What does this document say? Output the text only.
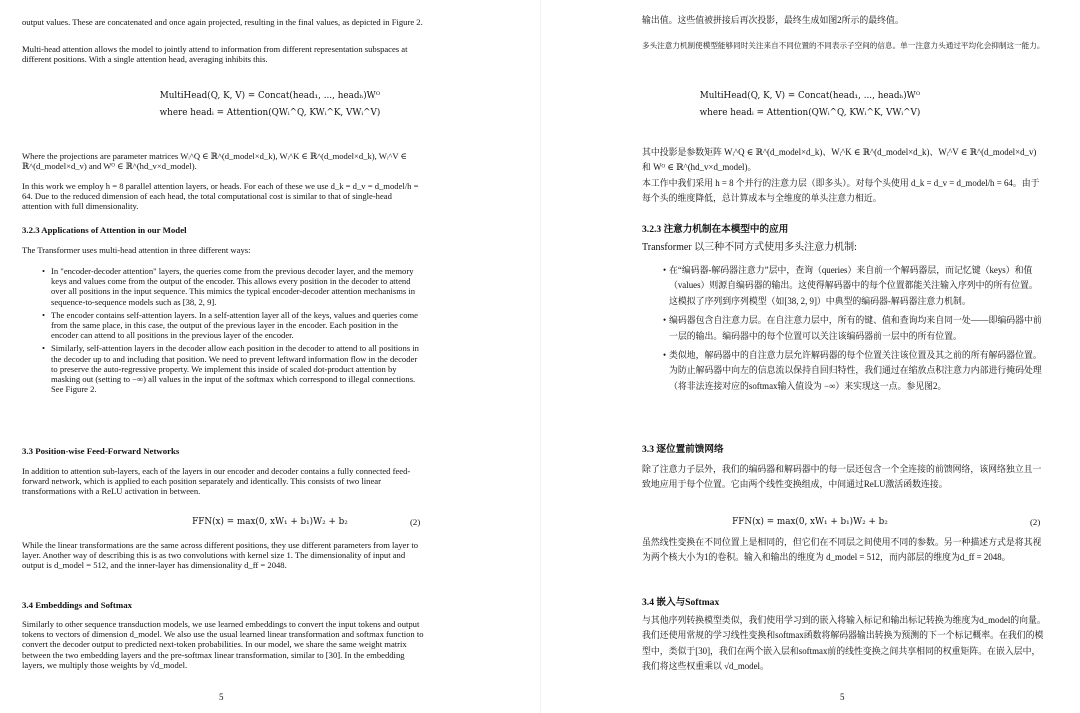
output values. These are concatenated and once again projected, resulting in the final values, as depicted in Figure 2.

Multi-head attention allows the model to jointly attend to information from different representation subspaces at different positions. With a single attention head, averaging inhibits this.

MultiHead(Q, K, V) = Concat(head₁, ..., headₕ)Wᴼ
where headᵢ = Attention(QWᵢ^Q, KWᵢ^K, VWᵢ^V)

Where the projections are parameter matrices Wᵢ^Q ∈ ℝ^(d_model×d_k), Wᵢ^K ∈ ℝ^(d_model×d_k), Wᵢ^V ∈ ℝ^(d_model×d_v) and Wᴼ ∈ ℝ^(hd_v×d_model).

In this work we employ h = 8 parallel attention layers, or heads. For each of these we use d_k = d_v = d_model/h = 64. Due to the reduced dimension of each head, the total computational cost is similar to that of single-head attention with full dimensionality.

3.2.3 Applications of Attention in our Model

The Transformer uses multi-head attention in three different ways:

• In "encoder-decoder attention" layers, the queries come from the previous decoder layer, and the memory keys and values come from the output of the encoder. This allows every position in the decoder to attend over all positions in the input sequence. This mimics the typical encoder-decoder attention mechanisms in sequence-to-sequence models such as [38, 2, 9].
• The encoder contains self-attention layers. In a self-attention layer all of the keys, values and queries come from the same place, in this case, the output of the previous layer in the encoder. Each position in the encoder can attend to all positions in the previous layer of the encoder.
• Similarly, self-attention layers in the decoder allow each position in the decoder to attend to all positions in the decoder up to and including that position. We need to prevent leftward information flow in the decoder to preserve the auto-regressive property. We implement this inside of scaled dot-product attention by masking out (setting to −∞) all values in the input of the softmax which correspond to illegal connections. See Figure 2.

3.3 Position-wise Feed-Forward Networks

In addition to attention sub-layers, each of the layers in our encoder and decoder contains a fully connected feed-forward network, which is applied to each position separately and identically. This consists of two linear transformations with a ReLU activation in between.

FFN(x) = max(0, xW₁ + b₁)W₂ + b₂	(2)

While the linear transformations are the same across different positions, they use different parameters from layer to layer. Another way of describing this is as two convolutions with kernel size 1. The dimensionality of input and output is d_model = 512, and the inner-layer has dimensionality d_ff = 2048.

3.4 Embeddings and Softmax

Similarly to other sequence transduction models, we use learned embeddings to convert the input tokens and output tokens to vectors of dimension d_model. We also use the usual learned linear transformation and softmax function to convert the decoder output to predicted next-token probabilities. In our model, we share the same weight matrix between the two embedding layers and the pre-softmax linear transformation, similar to [30]. In the embedding layers, we multiply those weights by √d_model.

5

输出值。这些值被拼接后再次投影，最终生成如图2所示的最终值。

多头注意力机制使模型能够同时关注来自不同位置的不同表示子空间的信息。单一注意力头通过平均化会抑制这一能力。

MultiHead(Q, K, V) = Concat(head₁, ..., headₕ)Wᴼ
where headᵢ = Attention(QWᵢ^Q, KWᵢ^K, VWᵢ^V)

其中投影是参数矩阵 Wᵢ^Q ∈ ℝ^(d_model×d_k)、Wᵢ^K ∈ ℝ^(d_model×d_k)、Wᵢ^V ∈ ℝ^(d_model×d_v) 和 Wᴼ ∈ ℝ^(hd_v×d_model)。

本工作中我们采用 h = 8 个并行的注意力层（即多头）。对每个头使用 d_k = d_v = d_model/h = 64。由于每个头的维度降低，总计算成本与全维度的单头注意力相近。

3.2.3 注意力机制在本模型中的应用

Transformer 以三种不同方式使用多头注意力机制:

• 在“编码器-解码器注意力”层中，查询（queries）来自前一个解码器层，而记忆键（keys）和值（values）则源自编码器的输出。这使得解码器中的每个位置都能关注输入序列中的所有位置。这模拟了序列到序列模型（如[38, 2, 9]）中典型的编码器-解码器注意力机制。
• 编码器包含自注意力层。在自注意力层中，所有的键、值和查询均来自同一处——即编码器中前一层的输出。编码器中的每个位置可以关注该编码器前一层中的所有位置。
• 类似地，解码器中的自注意力层允许解码器的每个位置关注该位置及其之前的所有解码器位置。为防止解码器中向左的信息流以保持自回归特性，我们通过在缩放点积注意力内部进行掩码处理（将非法连接对应的softmax输入值设为 −∞）来实现这一点。参见图2。

3.3 逐位置前馈网络

除了注意力子层外，我们的编码器和解码器中的每一层还包含一个全连接的前馈网络，该网络独立且一致地应用于每个位置。它由两个线性变换组成，中间通过ReLU激活函数连接。

FFN(x) = max(0, xW₁ + b₁)W₂ + b₂	(2)

虽然线性变换在不同位置上是相同的，但它们在不同层之间使用不同的参数。另一种描述方式是将其视为两个核大小为1的卷积。输入和输出的维度为 d_model = 512，而内部层的维度为d_ff = 2048。

3.4 嵌入与Softmax

与其他序列转换模型类似，我们使用学习到的嵌入将输入标记和输出标记转换为维度为d_model的向量。我们还使用常规的学习线性变换和softmax函数将解码器输出转换为预测的下一个标记概率。在我们的模型中，类似于[30]，我们在两个嵌入层和softmax前的线性变换之间共享相同的权重矩阵。在嵌入层中，我们将这些权重乘以 √d_model。

5
